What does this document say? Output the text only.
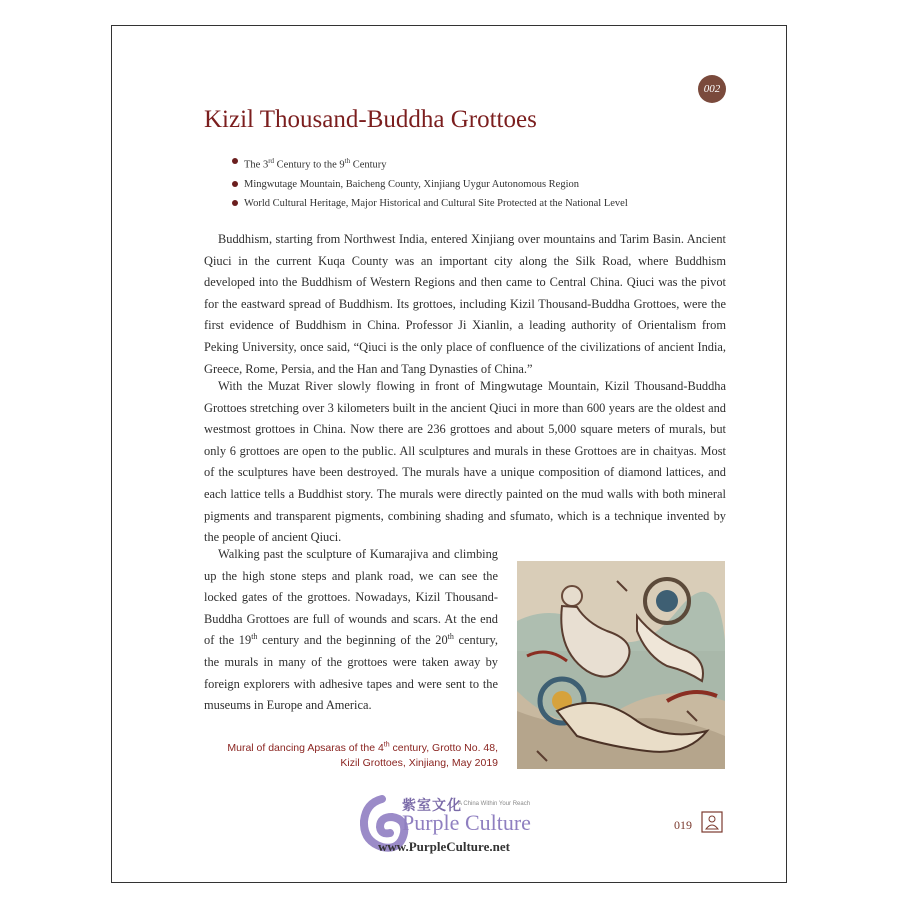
002
Kizil Thousand-Buddha Grottoes
The 3rd Century to the 9th Century
Mingwutage Mountain, Baicheng County, Xinjiang Uygur Autonomous Region
World Cultural Heritage, Major Historical and Cultural Site Protected at the National Level

Buddhism, starting from Northwest India, entered Xinjiang over mountains and Tarim Basin. Ancient Qiuci in the current Kuqa County was an important city along the Silk Road, where Buddhism developed into the Buddhism of Western Regions and then came to Central China. Qiuci was the pivot for the eastward spread of Buddhism. Its grottoes, including Kizil Thousand-Buddha Grottoes, were the first evidence of Buddhism in China. Professor Ji Xianlin, a leading authority of Orientalism from Peking University, once said, “Qiuci is the only place of confluence of the civilizations of ancient India, Greece, Rome, Persia, and the Han and Tang Dynasties of China.”

With the Muzat River slowly flowing in front of Mingwutage Mountain, Kizil Thousand-Buddha Grottoes stretching over 3 kilometers built in the ancient Qiuci in more than 600 years are the oldest and westmost grottoes in China. Now there are 236 grottoes and about 5,000 square meters of murals, but only 6 grottoes are open to the public. All sculptures and murals in these Grottoes are in chaityas. Most of the sculptures have been destroyed. The murals have a unique composition of diamond lattices, and each lattice tells a Buddhist story. The murals were directly painted on the mud walls with both mineral pigments and transparent pigments, combining shading and sfumato, which is a technique invented by the people of ancient Qiuci.

Walking past the sculpture of Kumarajiva and climbing up the high stone steps and plank road, we can see the locked gates of the grottoes. Nowadays, Kizil Thousand-Buddha Grottoes are full of wounds and scars. At the end of the 19th century and the beginning of the 20th century, the murals in many of the grottoes were taken away by foreign explorers with adhesive tapes and were sent to the museums in Europe and America.

Mural of dancing Apsaras of the 4th century, Grotto No. 48,
Kizil Grottoes, Xinjiang, May 2019

019
紫室文化
A China Within Your Reach
Purple Culture
www.PurpleCulture.net
